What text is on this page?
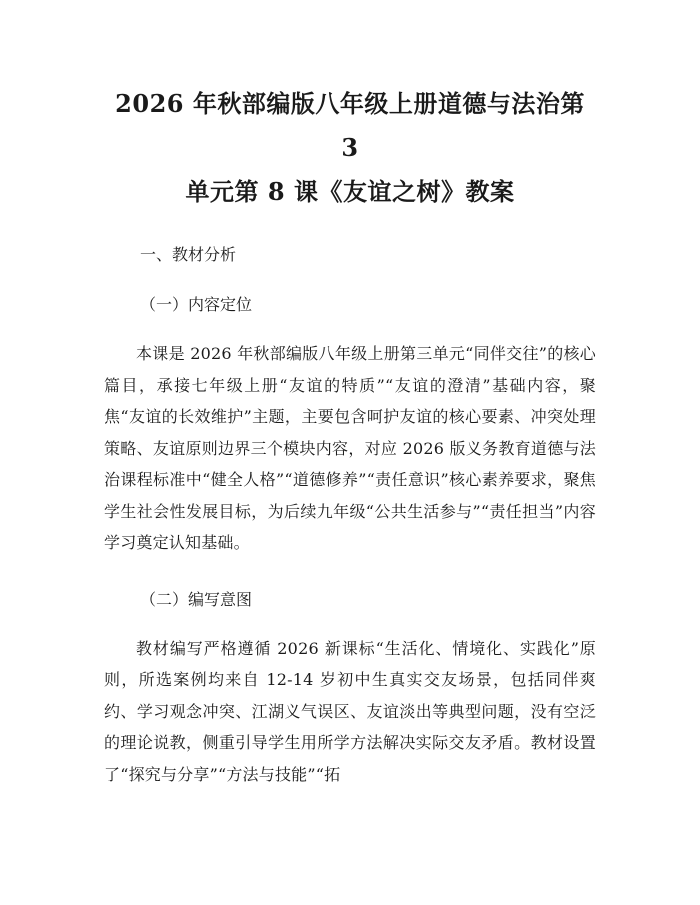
2026 年秋部编版八年级上册道德与法治第 3
单元第 8 课《友谊之树》教案
一、教材分析
（一）内容定位

本课是 2026 年秋部编版八年级上册第三单元“同伴交往”的核心篇目，承接七年级上册“友谊的特质”“友谊的澄清”基础内容，聚焦“友谊的长效维护”主题，主要包含呵护友谊的核心要素、冲突处理策略、友谊原则边界三个模块内容，对应 2026 版义务教育道德与法治课程标准中“健全人格”“道德修养”“责任意识”核心素养要求，聚焦学生社会性发展目标，为后续九年级“公共生活参与”“责任担当”内容学习奠定认知基础。

（二）编写意图

教材编写严格遵循 2026 新课标“生活化、情境化、实践化”原则，所选案例均来自 12-14 岁初中生真实交友场景，包括同伴爽约、学习观念冲突、江湖义气误区、友谊淡出等典型问题，没有空泛的理论说教，侧重引导学生用所学方法解决实际交友矛盾。教材设置了“探究与分享”“方法与技能”“拓
